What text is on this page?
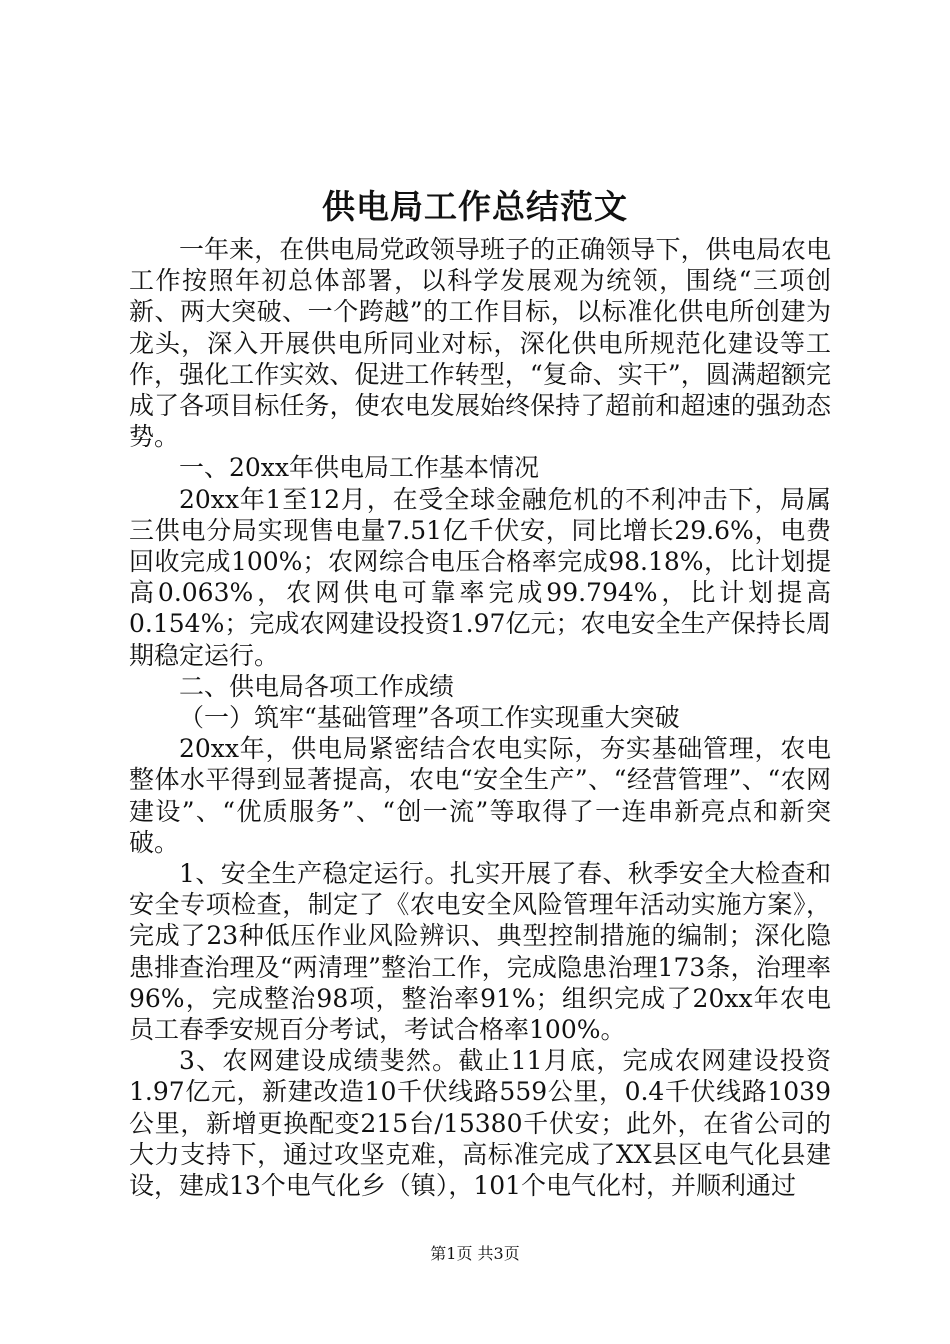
供电局工作总结范文

一年来，在供电局党政领导班子的正确领导下，供电局农电工作按照年初总体部署，以科学发展观为统领，围绕“三项创新、两大突破、一个跨越”的工作目标，以标准化供电所创建为龙头，深入开展供电所同业对标，深化供电所规范化建设等工作，强化工作实效、促进工作转型，“复命、实干”，圆满超额完成了各项目标任务，使农电发展始终保持了超前和超速的强劲态势。

一、20xx年供电局工作基本情况

20xx年1至12月，在受全球金融危机的不利冲击下，局属三供电分局实现售电量7.51亿千伏安，同比增长29.6%，电费回收完成100%；农网综合电压合格率完成98.18%，比计划提高0.063%，农网供电可靠率完成99.794%，比计划提高0.154%；完成农网建设投资1.97亿元；农电安全生产保持长周期稳定运行。

二、供电局各项工作成绩

（一）筑牢“基础管理”各项工作实现重大突破

20xx年，供电局紧密结合农电实际，夯实基础管理，农电整体水平得到显著提高，农电“安全生产”、“经营管理”、“农网建设”、“优质服务”、“创一流”等取得了一连串新亮点和新突破。

1、安全生产稳定运行。扎实开展了春、秋季安全大检查和安全专项检查，制定了《农电安全风险管理年活动实施方案》，完成了23种低压作业风险辨识、典型控制措施的编制；深化隐患排查治理及“两清理”整治工作，完成隐患治理173条，治理率96%，完成整治98项，整治率91%；组织完成了20xx年农电员工春季安规百分考试，考试合格率100%。

3、农网建设成绩斐然。截止11月底，完成农网建设投资1.97亿元，新建改造10千伏线路559公里，0.4千伏线路1039公里，新增更换配变215台/15380千伏安；此外，在省公司的大力支持下，通过攻坚克难，高标准完成了XX县区电气化县建设，建成13个电气化乡（镇），101个电气化村，并顺利通过

第1页 共3页
